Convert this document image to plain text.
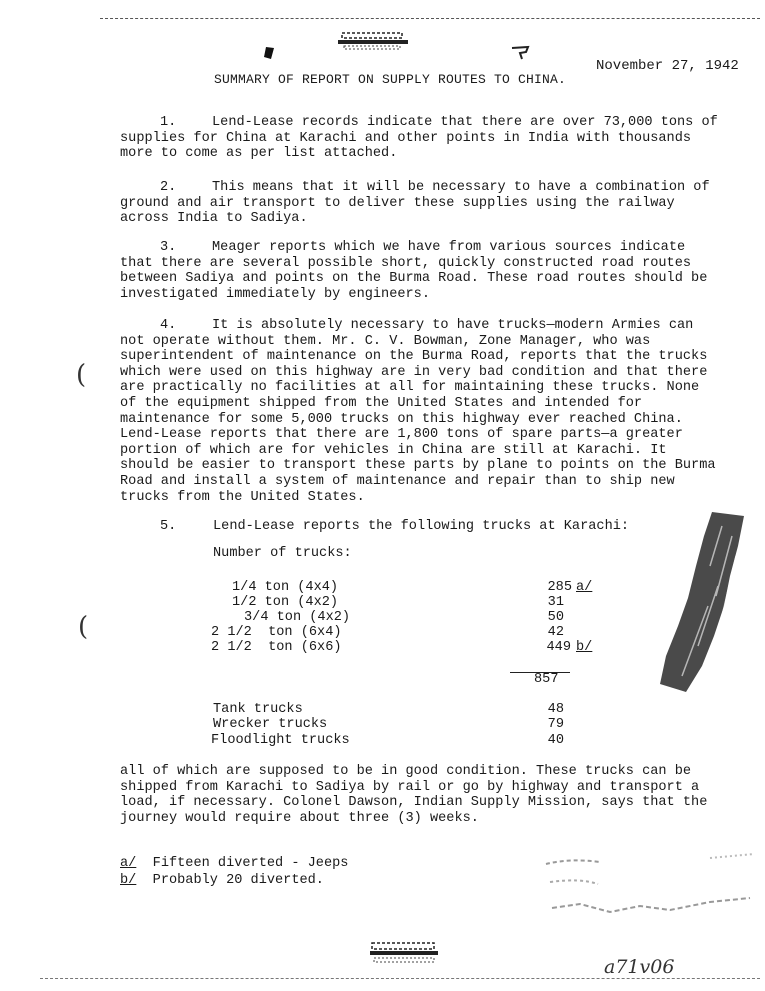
November 27, 1942
SUMMARY OF REPORT ON SUPPLY ROUTES TO CHINA.

1.	Lend-Lease records indicate that there are over 73,000 tons of supplies for China at Karachi and other points in India with thousands more to come as per list attached.

2.	This means that it will be necessary to have a combination of ground and air transport to deliver these supplies using the railway across India to Sadiya.

3.	Meager reports which we have from various sources indicate that there are several possible short, quickly constructed road routes between Sadiya and points on the Burma Road. These road routes should be investigated immediately by engineers.

4.	It is absolutely necessary to have trucks—modern Armies can not operate without them. Mr. C. V. Bowman, Zone Manager, who was superintendent of maintenance on the Burma Road, reports that the trucks which were used on this highway are in very bad condition and that there are practically no facilities at all for maintaining these trucks. None of the equipment shipped from the United States and intended for maintenance for some 5,000 trucks on this highway ever reached China. Lend-Lease reports that there are 1,800 tons of spare parts—a greater portion of which are for vehicles in China are still at Karachi. It should be easier to transport these parts by plane to points on the Burma Road and install a system of maintenance and repair than to ship new trucks from the United States.

(
(
5.	Lend-Lease reports the following trucks at Karachi:
Number of trucks:
1/4 ton (4x4)	285 a/
1/2 ton (4x2)	31
3/4 ton (4x2)	50
2 1/2  ton (6x4)	42
2 1/2  ton (6x6)	449 b/
857
Tank trucks	48
Wrecker trucks	79
Floodlight trucks	40
all of which are supposed to be in good condition. These trucks can be shipped from Karachi to Sadiya by rail or go by highway and transport a load, if necessary. Colonel Dawson, Indian Supply Mission, says that the journey would require about three (3) weeks.
a/ Fifteen diverted - Jeeps
b/ Probably 20 diverted.
a71v06
